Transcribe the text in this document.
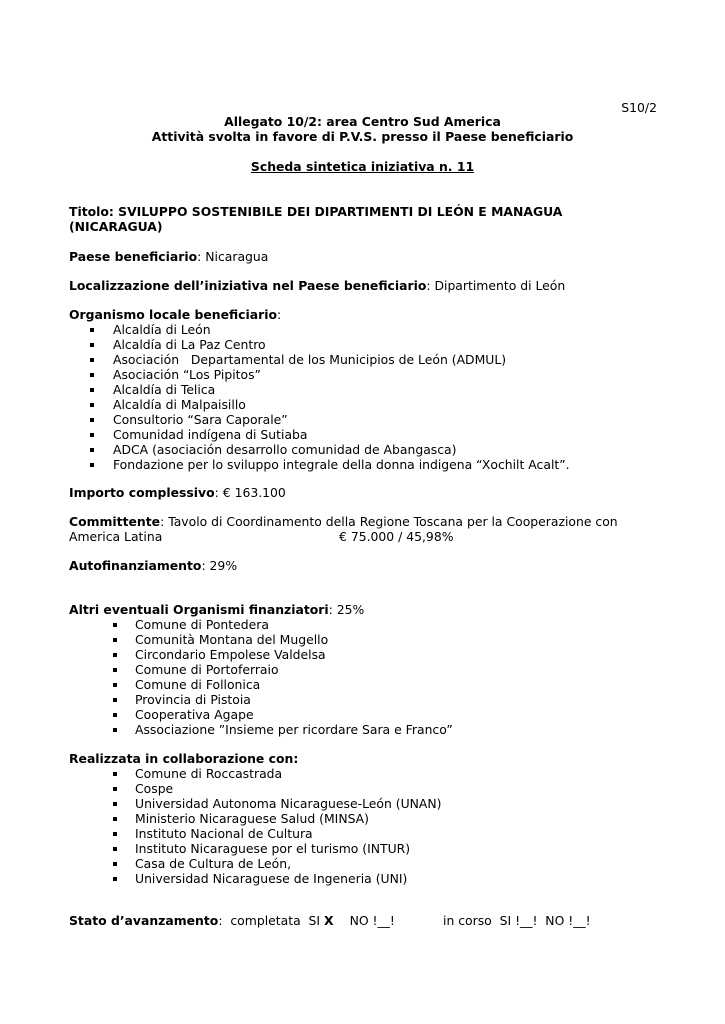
S10/2
Allegato 10/2: area Centro Sud America
Attività svolta in favore di P.V.S. presso il Paese beneficiario
Scheda sintetica iniziativa n. 11
Titolo: SVILUPPO SOSTENIBILE DEI DIPARTIMENTI DI LEÓN E MANAGUA
(NICARAGUA)
Paese beneficiario: Nicaragua
Localizzazione dell’iniziativa nel Paese beneficiario: Dipartimento di León
Organismo locale beneficiario:
Alcaldía di León
Alcaldía di La Paz Centro
Asociación   Departamental de los Municipios de León (ADMUL)
Asociación “Los Pipitos”
Alcaldía di Telica
Alcaldía di Malpaisillo
Consultorio “Sara Caporale”
Comunidad indígena di Sutiaba
ADCA (asociación desarrollo comunidad de Abangasca)
Fondazione per lo sviluppo integrale della donna indigena “Xochilt Acalt”.
Importo complessivo: € 163.100
Committente: Tavolo di Coordinamento della Regione Toscana per la Cooperazione con
America Latina	€ 75.000 / 45,98%
Autofinanziamento: 29%
Altri eventuali Organismi finanziatori: 25%
Comune di Pontedera
Comunità Montana del Mugello
Circondario Empolese Valdelsa
Comune di Portoferraio
Comune di Follonica
Provincia di Pistoia
Cooperativa Agape
Associazione ”Insieme per ricordare Sara e Franco”
Realizzata in collaborazione con:
Comune di Roccastrada
Cospe
Universidad Autonoma Nicaraguese-León (UNAN)
Ministerio Nicaraguese Salud (MINSA)
Instituto Nacional de Cultura
Instituto Nicaraguese por el turismo (INTUR)
Casa de Cultura de León,
Universidad Nicaraguese de Ingeneria (UNI)
Stato d’avanzamento:  completata  SI X NO !__!	in corso  SI !__!  NO !__!
